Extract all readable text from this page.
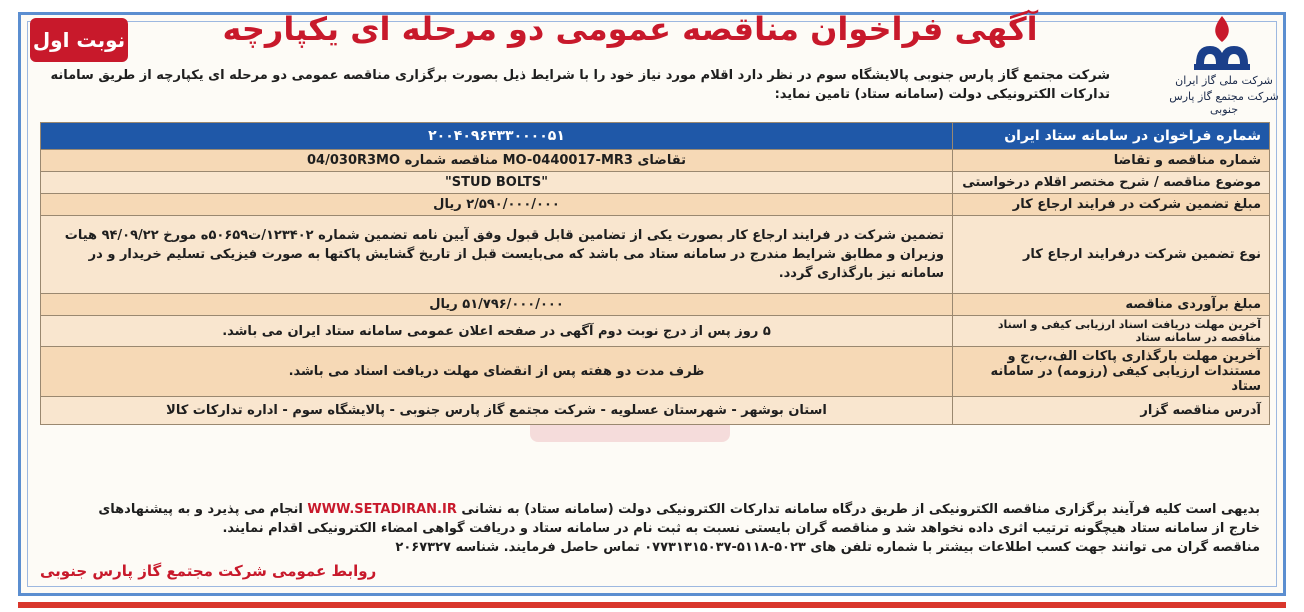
آگهی فراخوان مناقصه عمومی دو مرحله ای یکپارچه
نوبت اول
شرکت ملی گاز ایران
شرکت مجتمع گاز پارس جنوبی
شرکت مجتمع گاز پارس جنوبی پالایشگاه سوم در نظر دارد اقلام مورد نیاز خود را با شرایط ذیل بصورت برگزاری مناقصه عمومی دو مرحله ای یکپارچه از طریق سامانه
تدارکات الکترونیکی دولت (سامانه ستاد) تامین نماید:
شماره فراخوان در سامانه ستاد ایران	۲۰۰۴۰۹۶۴۳۳۰۰۰۰۵۱
شماره مناقصه و تقاضا	تقاضای MO-0440017-MR3 مناقصه شماره 04/030R3MO
موضوع مناقصه / شرح مختصر اقلام درخواستی	"STUD BOLTS"
مبلغ تضمین شرکت در فرایند ارجاع کار	۲/۵۹۰/۰۰۰/۰۰۰ ریال
نوع تضمین شرکت درفرایند ارجاع کار	تضمین شرکت در فرایند ارجاع کار بصورت یکی از تضامین قابل قبول وفق آیین نامه تضمین شماره ۱۲۳۴۰۲/ت۵۰۶۵۹ه مورخ ۹۴/۰۹/۲۲ هیات وزیران و مطابق شرایط مندرج در سامانه ستاد می باشد که می‌بایست قبل از تاریخ گشایش پاکتها به صورت فیزیکی تسلیم خریدار و در سامانه نیز بارگذاری گردد.
مبلغ برآوردی مناقصه	۵۱/۷۹۶/۰۰۰/۰۰۰ ریال
آخرین مهلت دریافت اسناد ارزیابی کیفی و اسناد مناقصه در سامانه ستاد	۵ روز پس از درج نوبت دوم آگهی در صفحه اعلان عمومی سامانه ستاد ایران می باشد.
آخرین مهلت بارگذاری پاکات الف،ب،ج و مستندات ارزیابی کیفی (رزومه) در سامانه ستاد	ظرف مدت دو هفته پس از انقضای مهلت دریافت اسناد می باشد.
آدرس مناقصه گزار	استان بوشهر - شهرستان عسلویه - شرکت مجتمع گاز پارس جنوبی - پالایشگاه سوم - اداره تدارکات کالا
بدیهی است کلیه فرآیند برگزاری مناقصه الکترونیکی از طریق درگاه سامانه تدارکات الکترونیکی دولت (سامانه ستاد) به نشانی WWW.SETADIRAN.IR انجام می پذیرد و به پیشنهادهای
خارج از سامانه ستاد هیچگونه ترتیب اثری داده نخواهد شد و مناقصه گران بایستی نسبت به ثبت نام در سامانه ستاد و دریافت گواهی امضاء الکترونیکی اقدام نمایند.
مناقصه گران می توانند جهت کسب اطلاعات بیشتر با شماره تلفن های ۵۰۲۳-۵۱۱۸-۰۷۷۳۱۳۱۵۰۳۷ تماس حاصل فرمایند. شناسه ۲۰۶۷۳۲۷
روابط عمومی شرکت مجتمع گاز پارس جنوبی
